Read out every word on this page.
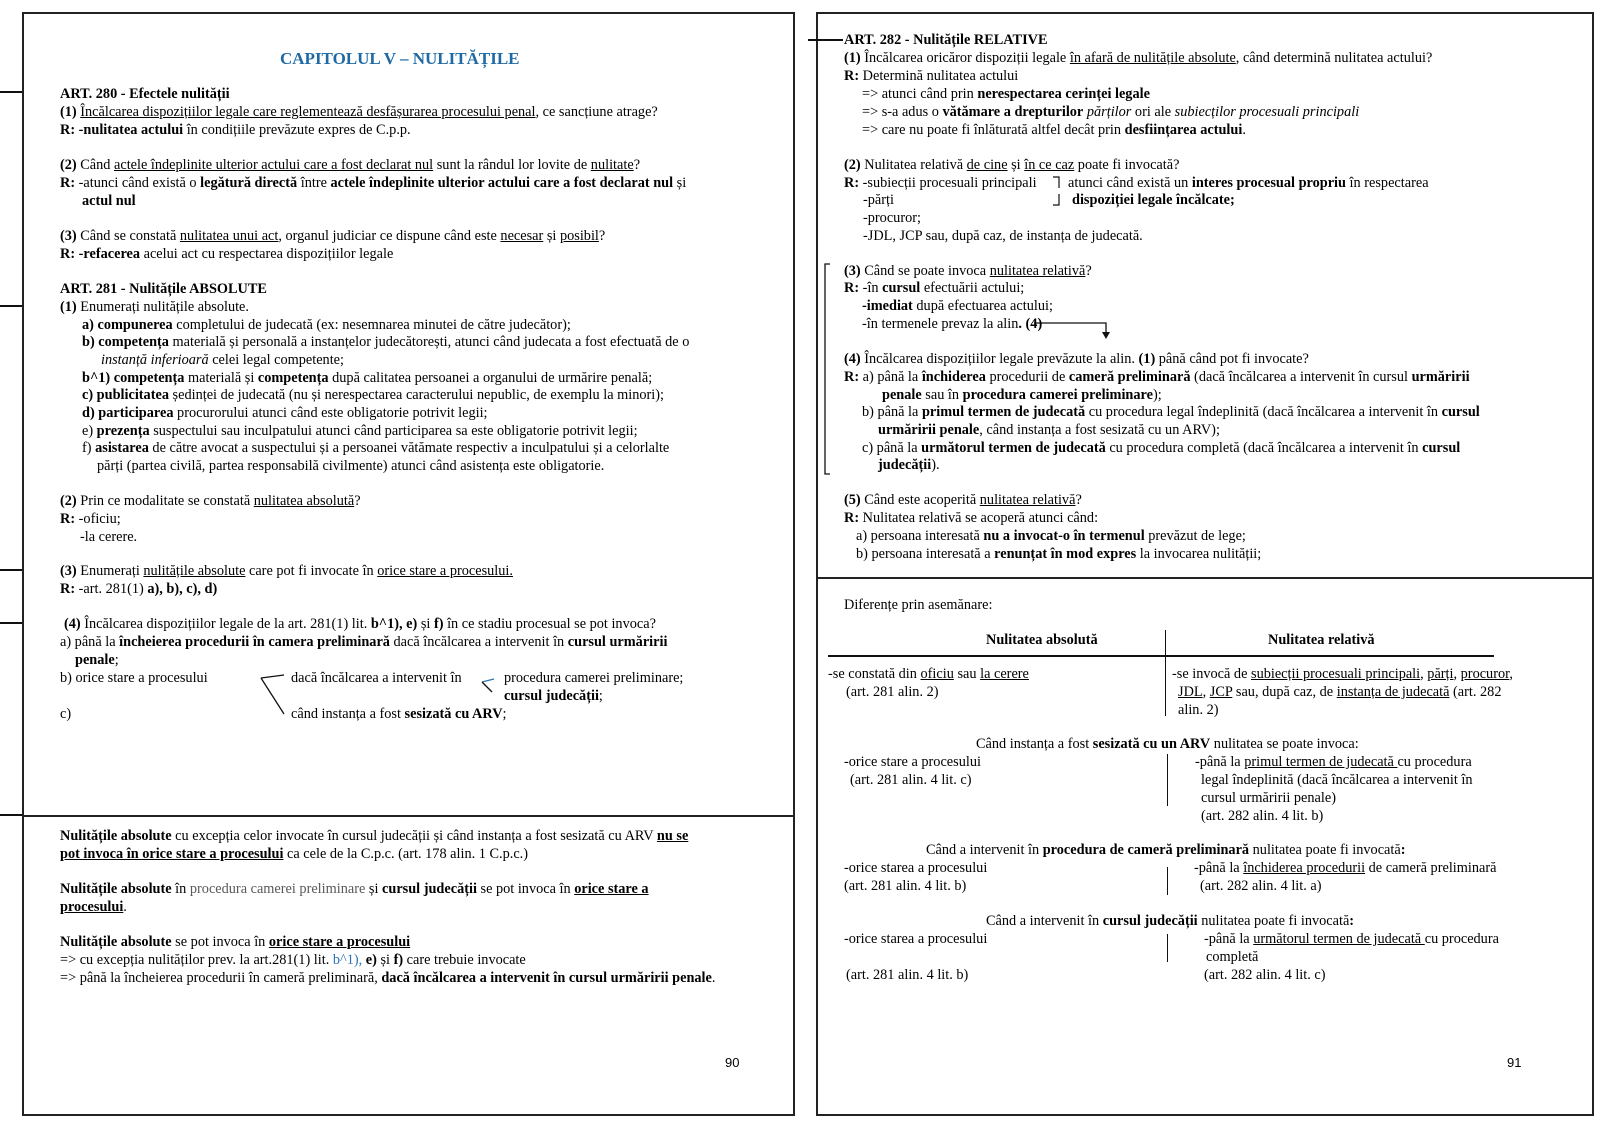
CAPITOLUL V – NULITĂȚILE
ART. 280 - Efectele nulității
(1) Încălcarea dispozițiilor legale care reglementează desfășurarea procesului penal, ce sancțiune atrage?
R: -nulitatea actului în condițiile prevăzute expres de C.p.p.
(2) Când actele îndeplinite ulterior actului care a fost declarat nul sunt la rândul lor lovite de nulitate?
R: -atunci când există o legătură directă între actele îndeplinite ulterior actului care a fost declarat nul și
actul nul
(3) Când se constată nulitatea unui act, organul judiciar ce dispune când este necesar și posibil?
R: -refacerea acelui act cu respectarea dispozițiilor legale
ART. 281 - Nulitățile ABSOLUTE
(1) Enumerați nulitățile absolute.
a) compunerea completului de judecată (ex: nesemnarea minutei de către judecător);
b) competența materială și personală a instanțelor judecătorești, atunci când judecata a fost efectuată de o
instanță inferioară celei legal competente;
b^1) competența materială și competența după calitatea persoanei a organului de urmărire penală;
c) publicitatea ședinței de judecată (nu și nerespectarea caracterului nepublic, de exemplu la minori);
d) participarea procurorului atunci când este obligatorie potrivit legii;
e) prezența suspectului sau inculpatului atunci când participarea sa este obligatorie potrivit legii;
f) asistarea de către avocat a suspectului și a persoanei vătămate respectiv a inculpatului și a celorlalte
părți (partea civilă, partea responsabilă civilmente) atunci când asistența este obligatorie.
(2) Prin ce modalitate se constată nulitatea absolută?
R: -oficiu;
-la cerere.
(3) Enumerați nulitățile absolute care pot fi invocate în orice stare a procesului.
R: -art. 281(1) a), b), c), d)
(4) Încălcarea dispozițiilor legale de la art. 281(1) lit. b^1), e) și f) în ce stadiu procesual se pot invoca?
a) până la încheierea procedurii în camera preliminară dacă încălcarea a intervenit în cursul urmăririi
penale;
b) orice stare a procesului
c)
dacă încălcarea a intervenit în	procedura camerei preliminare;
cursul judecății;
când instanța a fost sesizată cu ARV;
Nulitățile absolute cu excepția celor invocate în cursul judecății și când instanța a fost sesizată cu ARV nu se
pot invoca în orice stare a procesului ca cele de la C.p.c. (art. 178 alin. 1 C.p.c.)
Nulitățile absolute în procedura camerei preliminare și cursul judecății se pot invoca în orice stare a
procesului.
Nulitățile absolute se pot invoca în orice stare a procesului
=> cu excepția nulităților prev. la art.281(1) lit. b^1), e) și f) care trebuie invocate
=> până la încheierea procedurii în cameră preliminară, dacă încălcarea a intervenit în cursul urmăririi penale.
90
ART. 282 - Nulitățile RELATIVE
(1) Încălcarea oricăror dispoziții legale în afară de nulitățile absolute, când determină nulitatea actului?
R: Determină nulitatea actului
=> atunci când prin nerespectarea cerinței legale
=> s-a adus o vătămare a drepturilor părților ori ale subiecților procesuali principali
=> care nu poate fi înlăturată altfel decât prin desființarea actului.
(2) Nulitatea relativă de cine și în ce caz poate fi invocată?
R: -subiecții procesuali principali
-părți
-procuror;
-JDL, JCP sau, după caz, de instanța de judecată.
atunci când există un interes procesual propriu în respectarea
dispoziției legale încălcate;
(3) Când se poate invoca nulitatea relativă?
R: -în cursul efectuării actului;
-imediat după efectuarea actului;
-în termenele prevaz la alin. (4)
(4) Încălcarea dispozițiilor legale prevăzute la alin. (1) până când pot fi invocate?
R: a) până la închiderea procedurii de cameră preliminară (dacă încălcarea a intervenit în cursul urmăririi
penale sau în procedura camerei preliminare);
b) până la primul termen de judecată cu procedura legal îndeplinită (dacă încălcarea a intervenit în cursul
urmăririi penale, când instanța a fost sesizată cu un ARV);
c) până la următorul termen de judecată cu procedura completă (dacă încălcarea a intervenit în cursul
judecății).
(5) Când este acoperită nulitatea relativă?
R: Nulitatea relativă se acoperă atunci când:
a) persoana interesată nu a invocat-o în termenul prevăzut de lege;
b) persoana interesată a renunțat în mod expres la invocarea nulității;
Diferențe prin asemănare:
Nulitatea absolută	Nulitatea relativă
-se constată din oficiu sau la cerere
(art. 281 alin. 2)
-se invocă de subiecții procesuali principali, părți, procuror,
JDL, JCP sau, după caz, de instanța de judecată (art. 282
alin. 2)
Când instanța a fost sesizată cu un ARV nulitatea se poate invoca:
-orice stare a procesului
(art. 281 alin. 4 lit. c)
-până la primul termen de judecată cu procedura
legal îndeplinită (dacă încălcarea a intervenit în
cursul urmăririi penale)
(art. 282 alin. 4 lit. b)
Când a intervenit în procedura de cameră preliminară nulitatea poate fi invocată:
-orice starea a procesului
(art. 281 alin. 4 lit. b)
-până la închiderea procedurii de cameră preliminară
(art. 282 alin. 4 lit. a)
Când a intervenit în cursul judecății nulitatea poate fi invocată:
-orice starea a procesului
(art. 281 alin. 4 lit. b)
-până la următorul termen de judecată cu procedura
completă
(art. 282 alin. 4 lit. c)
91
